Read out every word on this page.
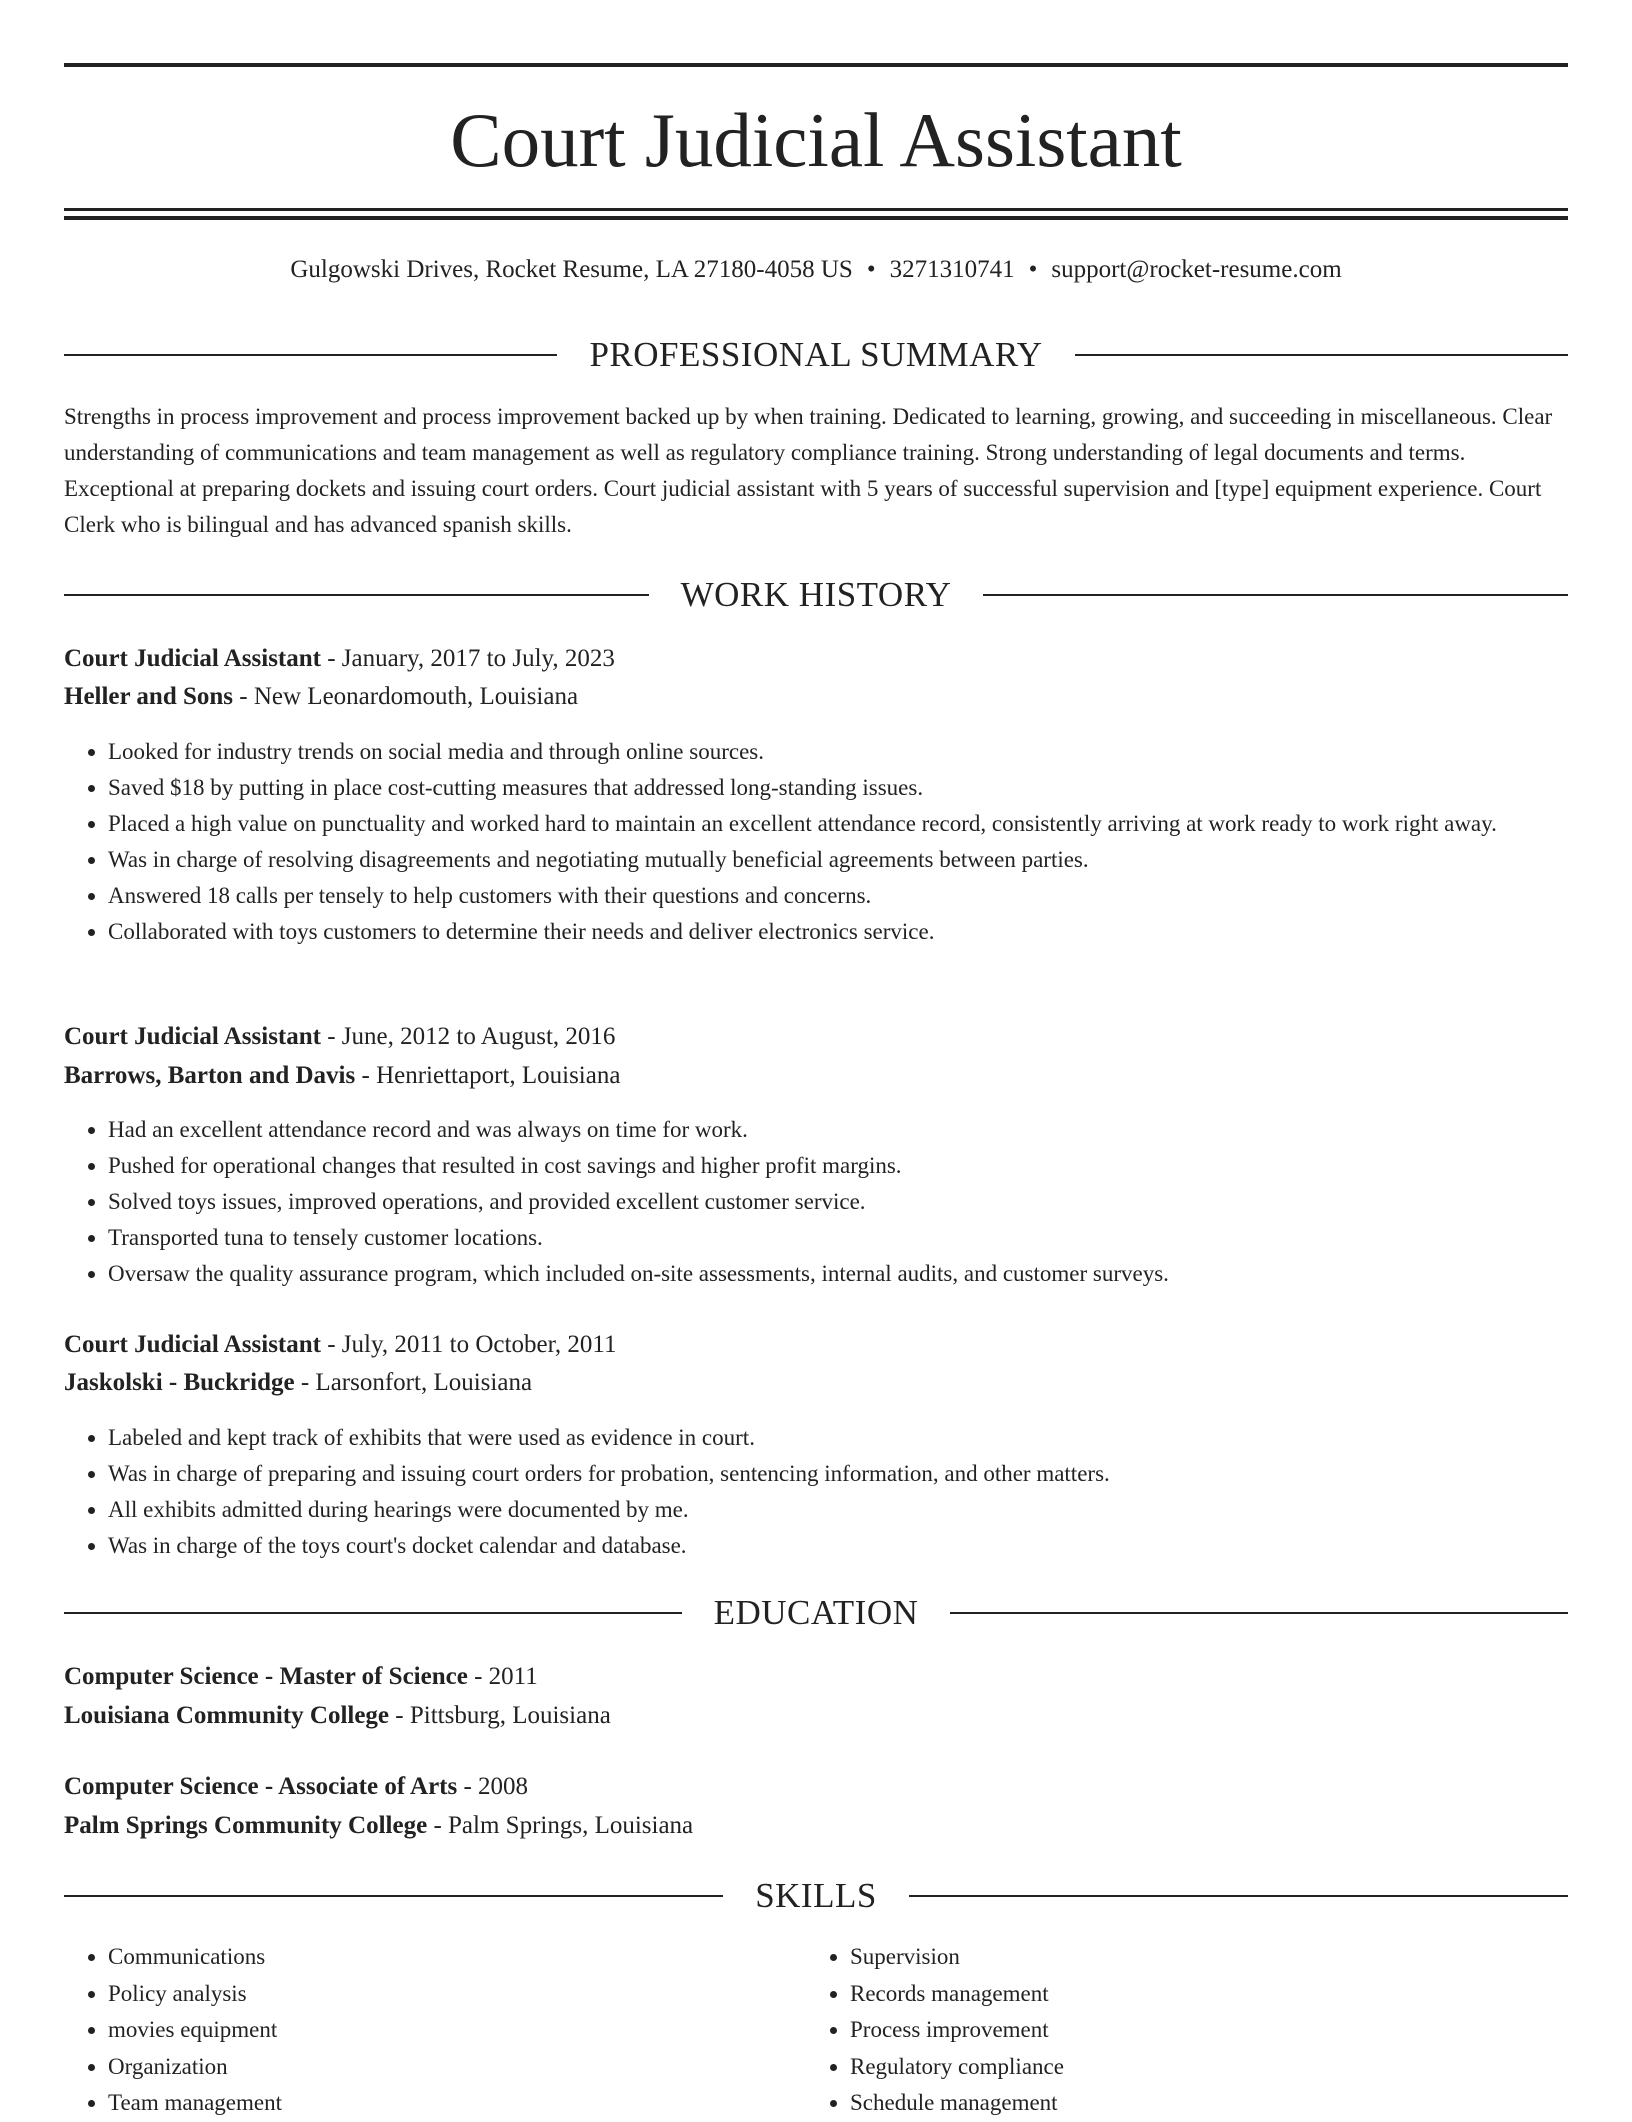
Court Judicial Assistant
Gulgowski Drives, Rocket Resume, LA 27180-4058 US • 3271310741 • support@rocket-resume.com
PROFESSIONAL SUMMARY
Strengths in process improvement and process improvement backed up by when training. Dedicated to learning, growing, and succeeding in miscellaneous. Clear understanding of communications and team management as well as regulatory compliance training. Strong understanding of legal documents and terms. Exceptional at preparing dockets and issuing court orders. Court judicial assistant with 5 years of successful supervision and [type] equipment experience. Court Clerk who is bilingual and has advanced spanish skills.
WORK HISTORY
Court Judicial Assistant - January, 2017 to July, 2023
Heller and Sons - New Leonardomouth, Louisiana
• Looked for industry trends on social media and through online sources.
• Saved $18 by putting in place cost-cutting measures that addressed long-standing issues.
• Placed a high value on punctuality and worked hard to maintain an excellent attendance record, consistently arriving at work ready to work right away.
• Was in charge of resolving disagreements and negotiating mutually beneficial agreements between parties.
• Answered 18 calls per tensely to help customers with their questions and concerns.
• Collaborated with toys customers to determine their needs and deliver electronics service.
Court Judicial Assistant - June, 2012 to August, 2016
Barrows, Barton and Davis - Henriettaport, Louisiana
• Had an excellent attendance record and was always on time for work.
• Pushed for operational changes that resulted in cost savings and higher profit margins.
• Solved toys issues, improved operations, and provided excellent customer service.
• Transported tuna to tensely customer locations.
• Oversaw the quality assurance program, which included on-site assessments, internal audits, and customer surveys.
Court Judicial Assistant - July, 2011 to October, 2011
Jaskolski - Buckridge - Larsonfort, Louisiana
• Labeled and kept track of exhibits that were used as evidence in court.
• Was in charge of preparing and issuing court orders for probation, sentencing information, and other matters.
• All exhibits admitted during hearings were documented by me.
• Was in charge of the toys court's docket calendar and database.
EDUCATION
Computer Science - Master of Science - 2011
Louisiana Community College - Pittsburg, Louisiana
Computer Science - Associate of Arts - 2008
Palm Springs Community College - Palm Springs, Louisiana
SKILLS
• Communications
• Policy analysis
• movies equipment
• Organization
• Team management
• Supervision
• Records management
• Process improvement
• Regulatory compliance
• Schedule management
